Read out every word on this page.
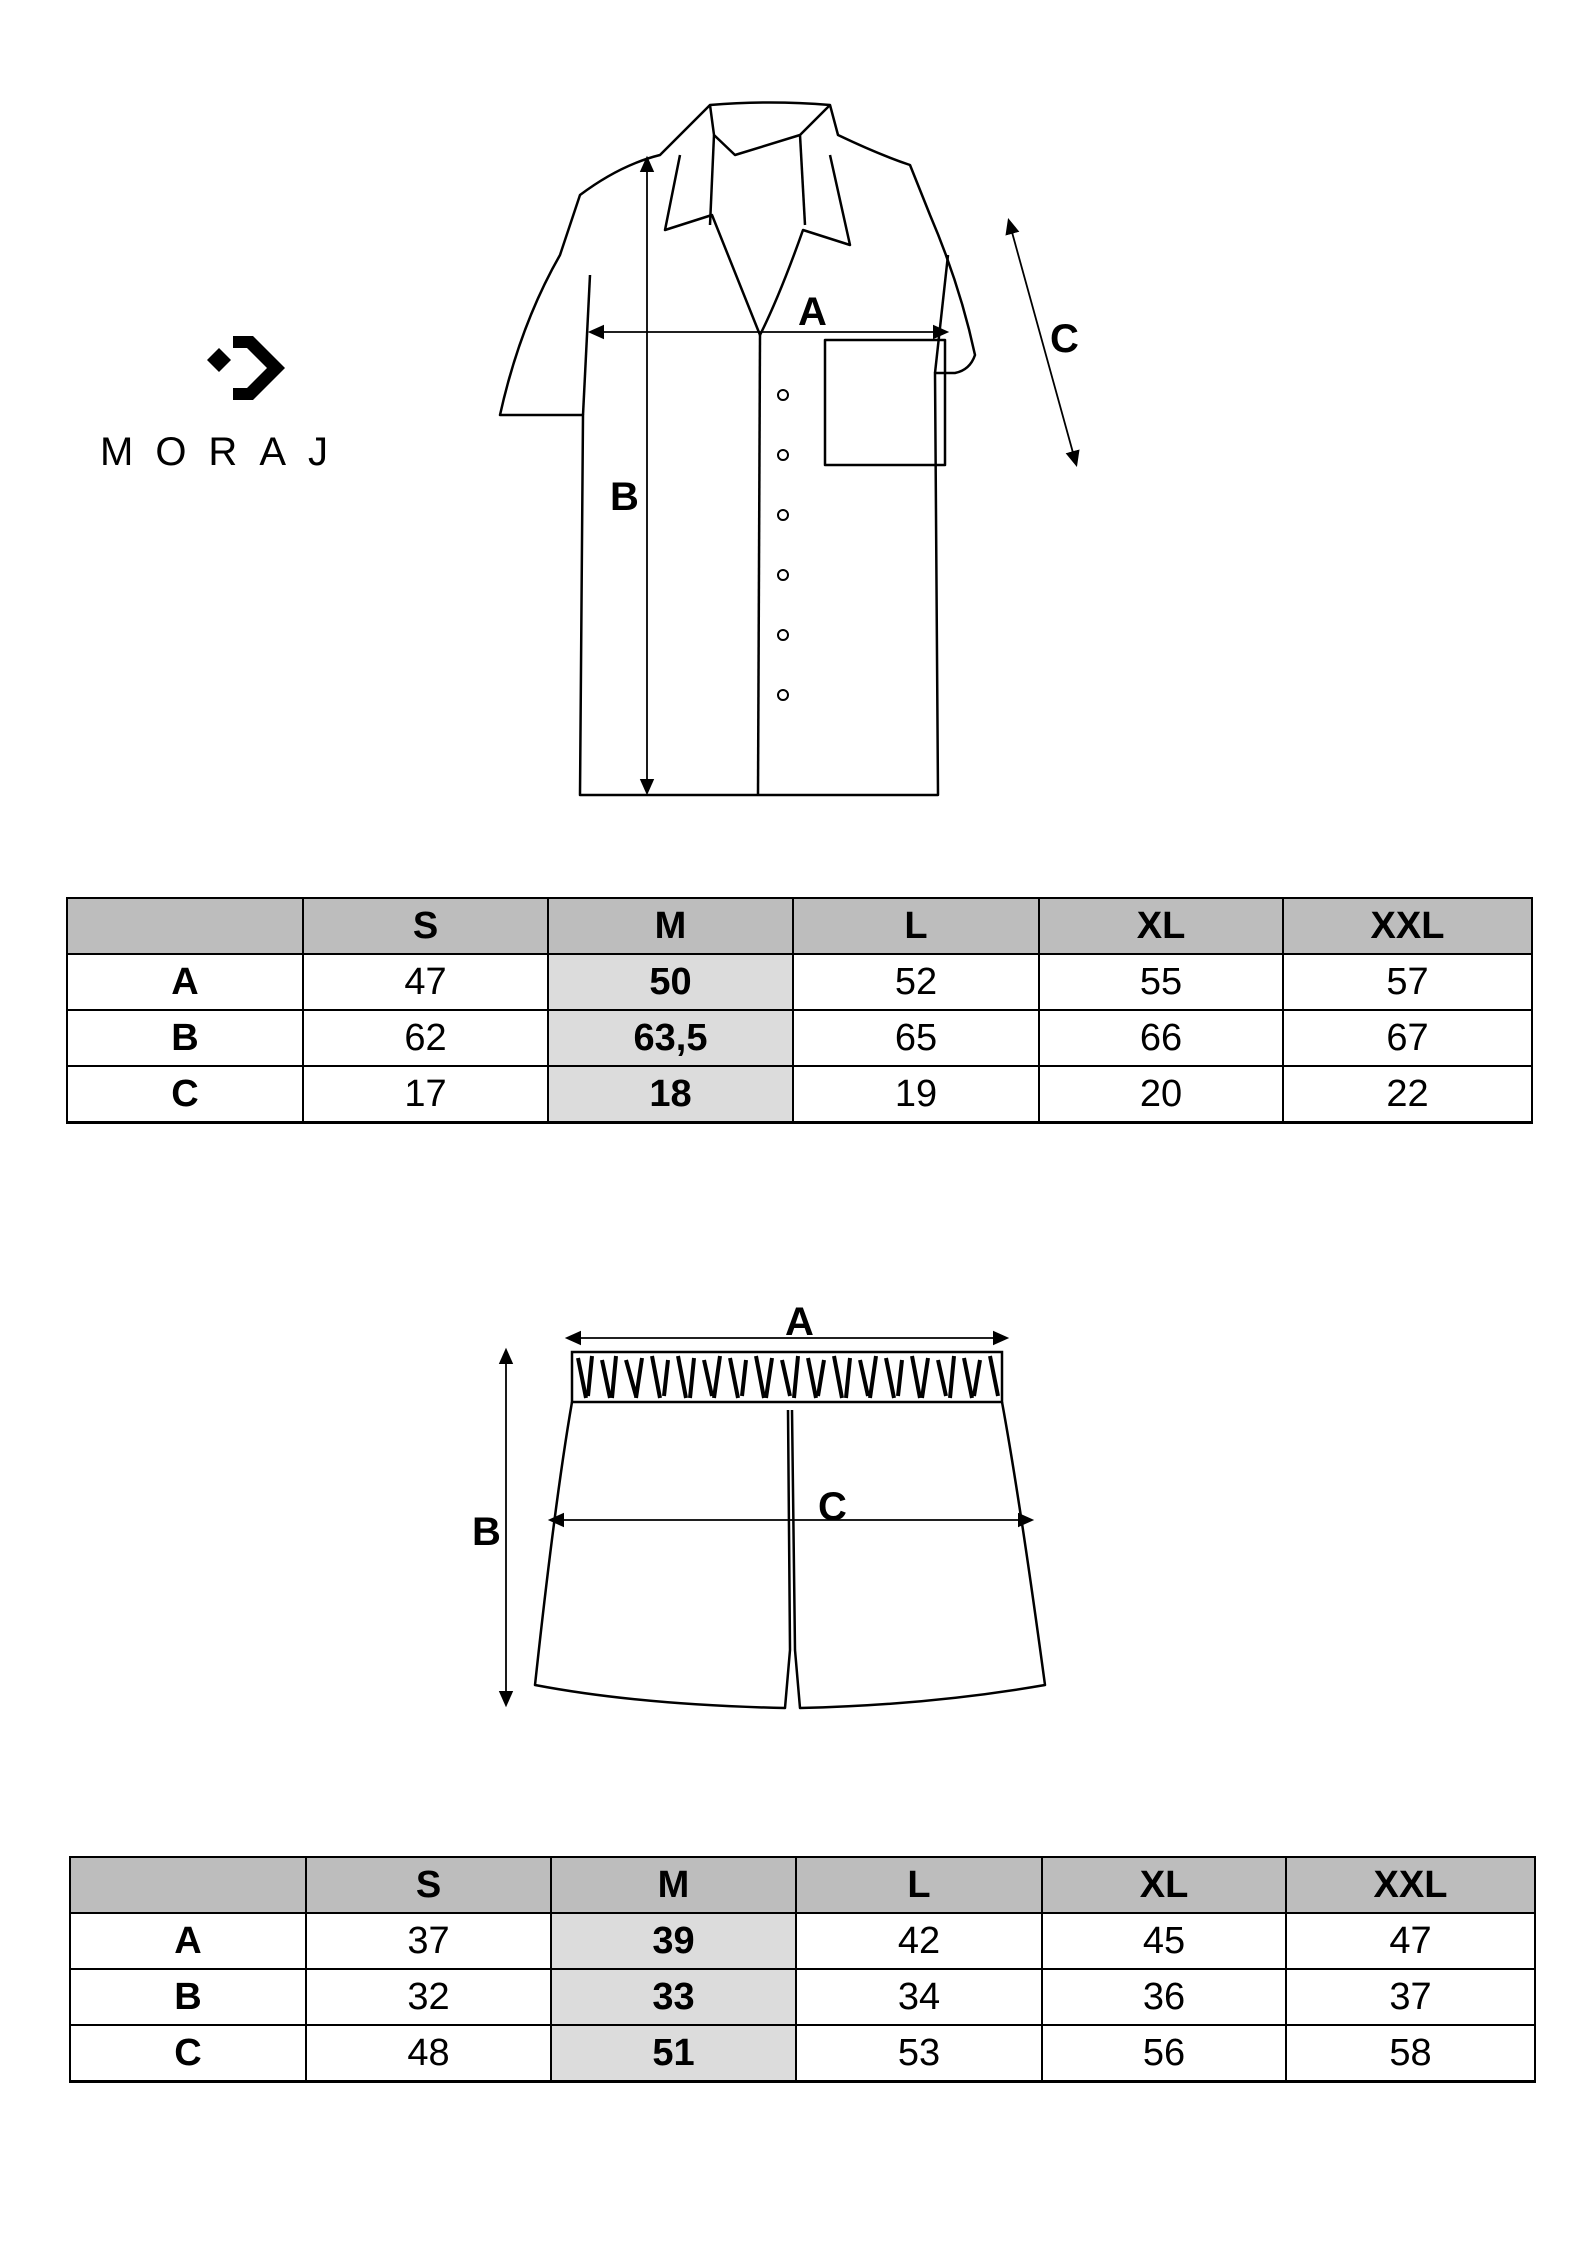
MORAJ
A
B
C
	S	M	L	XL	XXL
A	47	50	52	55	57
B	62	63,5	65	66	67
C	17	18	19	20	22
A
B
C
	S	M	L	XL	XXL
A	37	39	42	45	47
B	32	33	34	36	37
C	48	51	53	56	58
